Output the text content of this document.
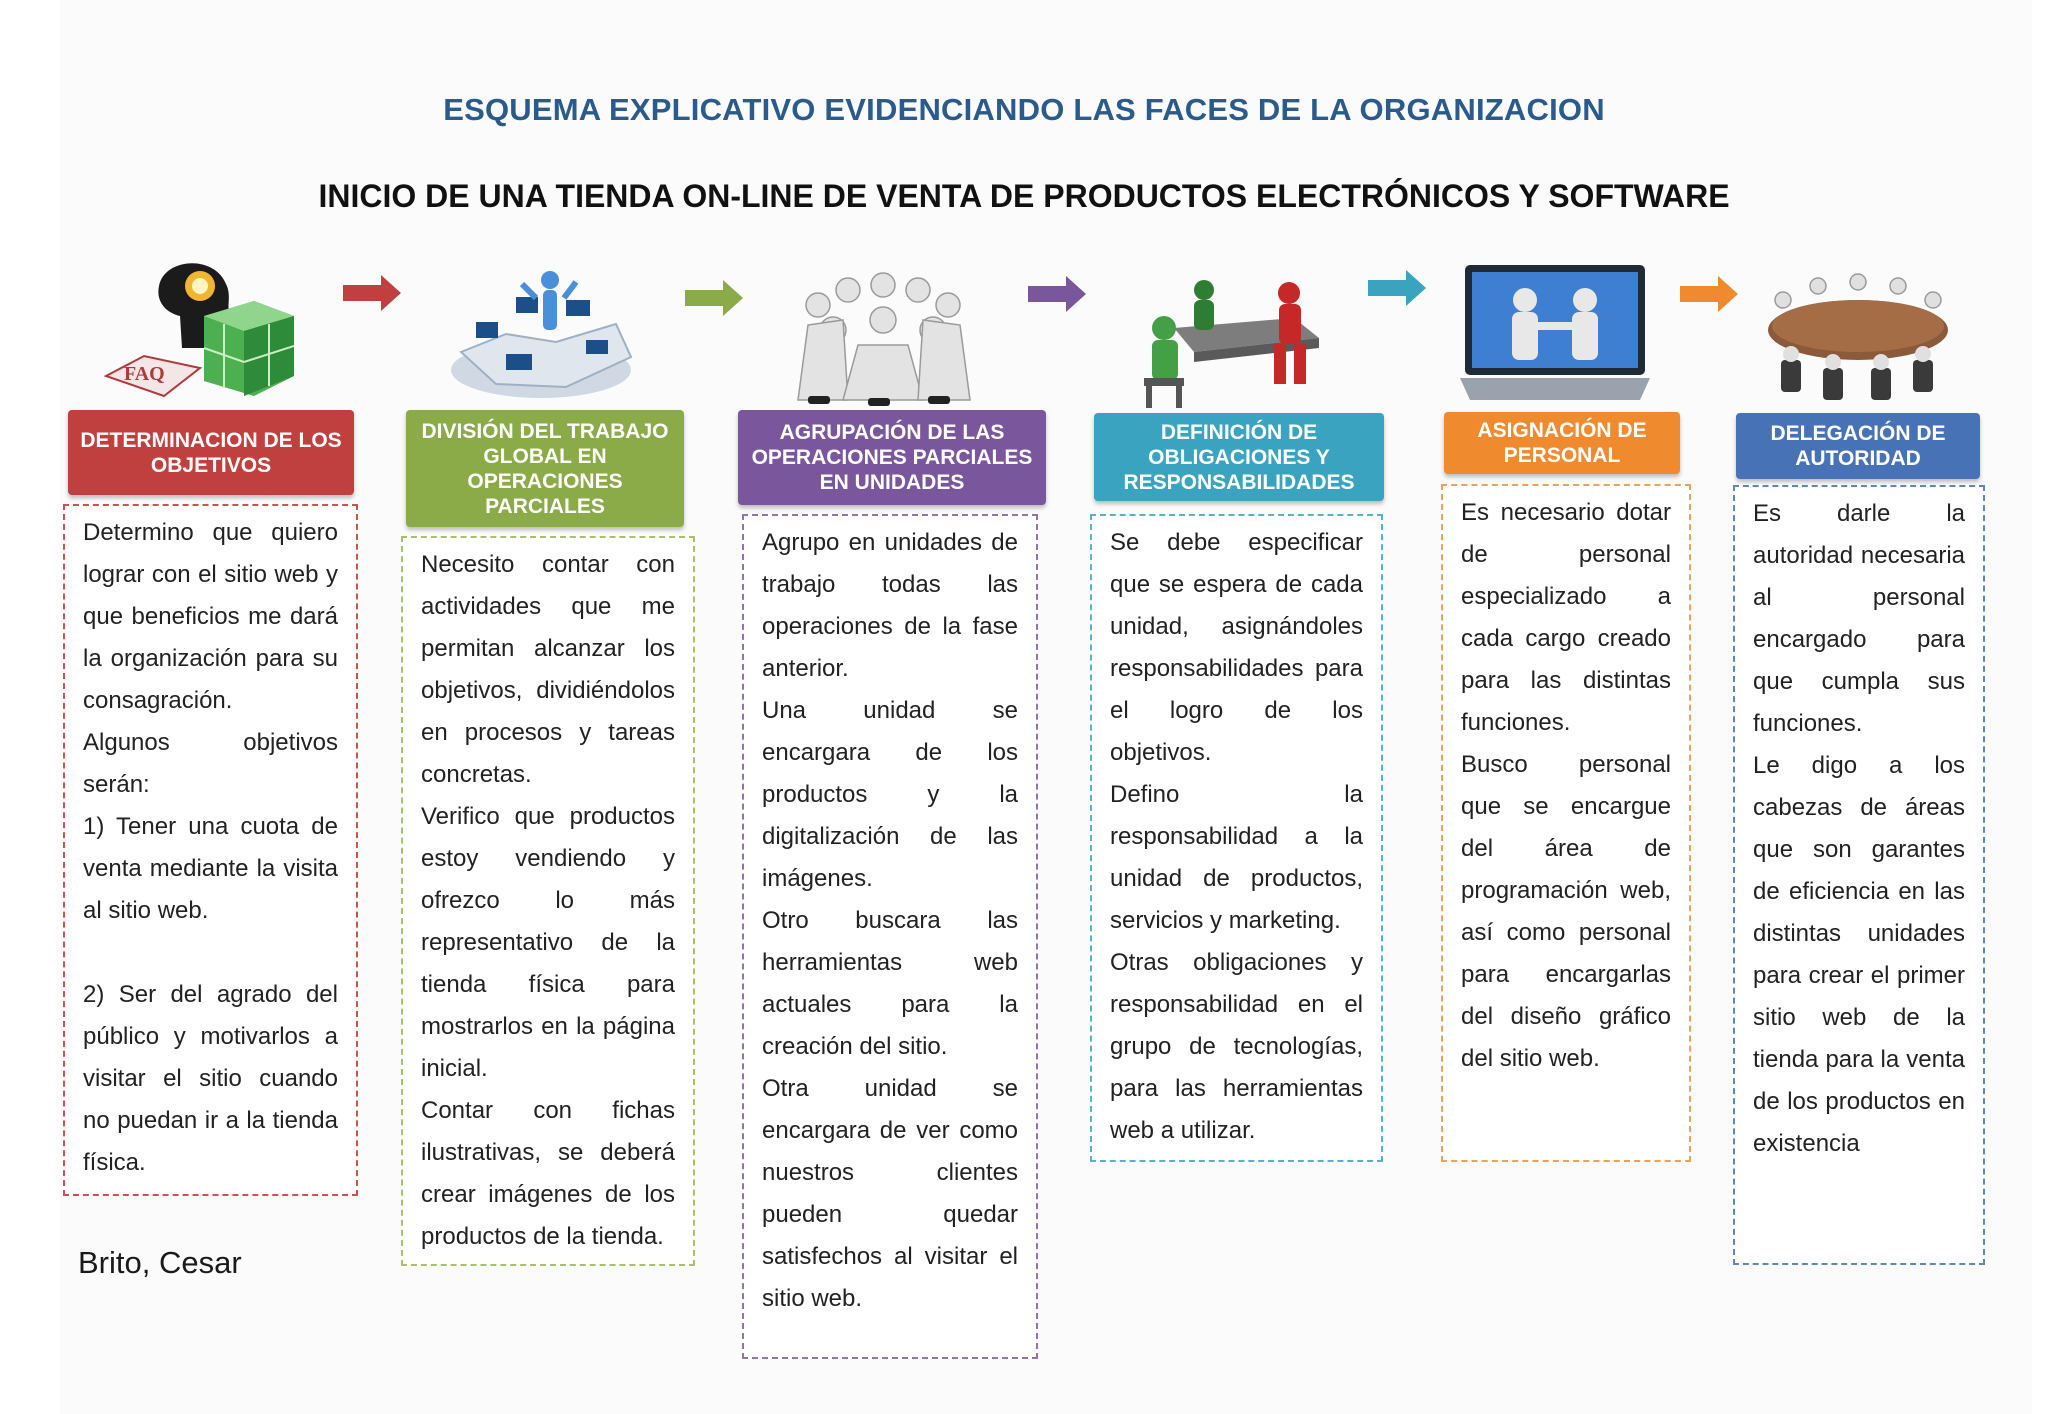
ESQUEMA EXPLICATIVO EVIDENCIANDO LAS FACES DE LA ORGANIZACION
INICIO DE UNA TIENDA ON-LINE DE VENTA DE PRODUCTOS ELECTRÓNICOS Y SOFTWARE
FAQ
DETERMINACION DE LOS OBJETIVOS

Determino que quiero lograr con el sitio web y que beneficios me dará la organización para su consagración.

Algunos objetivos serán:

1) Tener una cuota de venta mediante la visita al sitio web.

2) Ser del agrado del público y motivarlos a visitar el sitio cuando no puedan ir a la tienda física.

DIVISIÓN DEL TRABAJO GLOBAL EN OPERACIONES PARCIALES

Necesito contar con actividades que me permitan alcanzar los objetivos, dividiéndolos en procesos y tareas concretas.

Verifico que productos estoy vendiendo y ofrezco lo más representativo de la tienda física para mostrarlos en la página inicial.

Contar con fichas ilustrativas, se deberá crear imágenes de los productos de la tienda.

AGRUPACIÓN DE LAS OPERACIONES PARCIALES EN UNIDADES

Agrupo en unidades de trabajo todas las operaciones de la fase anterior.

Una unidad se encargara de los productos y la digitalización de las imágenes.

Otro buscara las herramientas web actuales para la creación del sitio.

Otra unidad se encargara de ver como nuestros clientes pueden quedar satisfechos al visitar el sitio web.

DEFINICIÓN DE OBLIGACIONES Y RESPONSABILIDADES

Se debe especificar que se espera de cada unidad, asignándoles responsabilidades para el logro de los objetivos.

Defino la responsabilidad a la unidad de productos, servicios y marketing.

Otras obligaciones y responsabilidad en el grupo de tecnologías, para las herramientas web a utilizar.

ASIGNACIÓN DE PERSONAL

Es necesario dotar de personal especializado a cada cargo creado para las distintas funciones.

Busco personal que se encargue del área de programación web, así como personal para encargarlas del diseño gráfico del sitio web.

DELEGACIÓN DE AUTORIDAD

Es darle la autoridad necesaria al personal encargado para que cumpla sus funciones.

Le digo a los cabezas de áreas que son garantes de eficiencia en las distintas unidades para crear el primer sitio web de la tienda para la venta de los productos en existencia

Brito, Cesar
